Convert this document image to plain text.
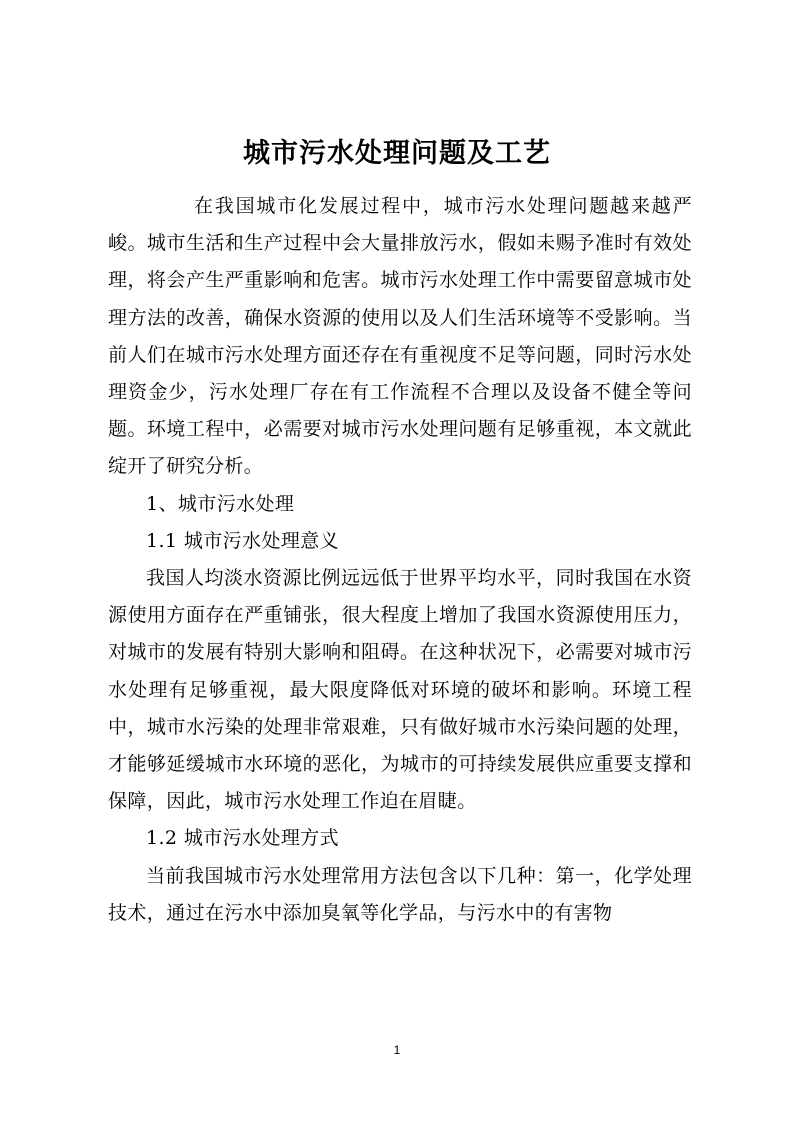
城市污水处理问题及工艺

在我国城市化发展过程中，城市污水处理问题越来越严峻。城市生活和生产过程中会大量排放污水，假如未赐予准时有效处理，将会产生严重影响和危害。城市污水处理工作中需要留意城市处理方法的改善，确保水资源的使用以及人们生活环境等不受影响。当前人们在城市污水处理方面还存在有重视度不足等问题，同时污水处理资金少，污水处理厂存在有工作流程不合理以及设备不健全等问题。环境工程中，必需要对城市污水处理问题有足够重视，本文就此绽开了研究分析。

1、城市污水处理

1.1 城市污水处理意义

我国人均淡水资源比例远远低于世界平均水平，同时我国在水资源使用方面存在严重铺张，很大程度上增加了我国水资源使用压力，对城市的发展有特别大影响和阻碍。在这种状况下，必需要对城市污水处理有足够重视，最大限度降低对环境的破坏和影响。环境工程中，城市水污染的处理非常艰难，只有做好城市水污染问题的处理，才能够延缓城市水环境的恶化，为城市的可持续发展供应重要支撑和保障，因此，城市污水处理工作迫在眉睫。

1.2 城市污水处理方式

当前我国城市污水处理常用方法包含以下几种：第一，化学处理技术，通过在污水中添加臭氧等化学品，与污水中的有害物

1
